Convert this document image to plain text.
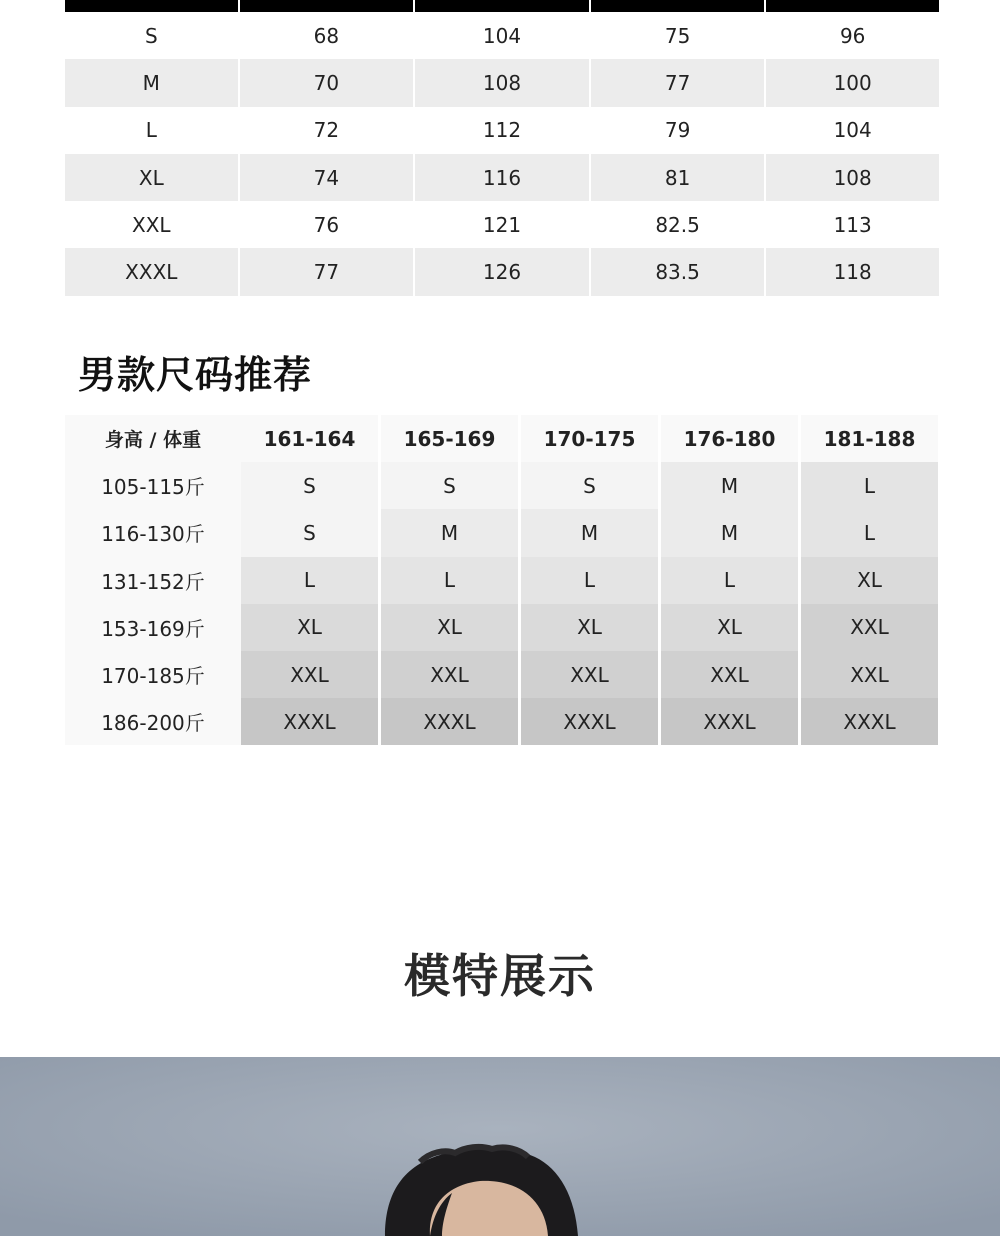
S	68	104	75	96
M	70	108	77	100
L	72	112	79	104
XL	74	116	81	108
XXL	76	121	82.5	113
XXXL	77	126	83.5	118
男款尺码推荐
身高 / 体重	161-164	165-169	170-175	176-180	181-188
105-115斤	S	S	S	M	L
116-130斤	S	M	M	M	L
131-152斤	L	L	L	L	XL
153-169斤	XL	XL	XL	XL	XXL
170-185斤	XXL	XXL	XXL	XXL	XXL
186-200斤	XXXL	XXXL	XXXL	XXXL	XXXL
模特展示
